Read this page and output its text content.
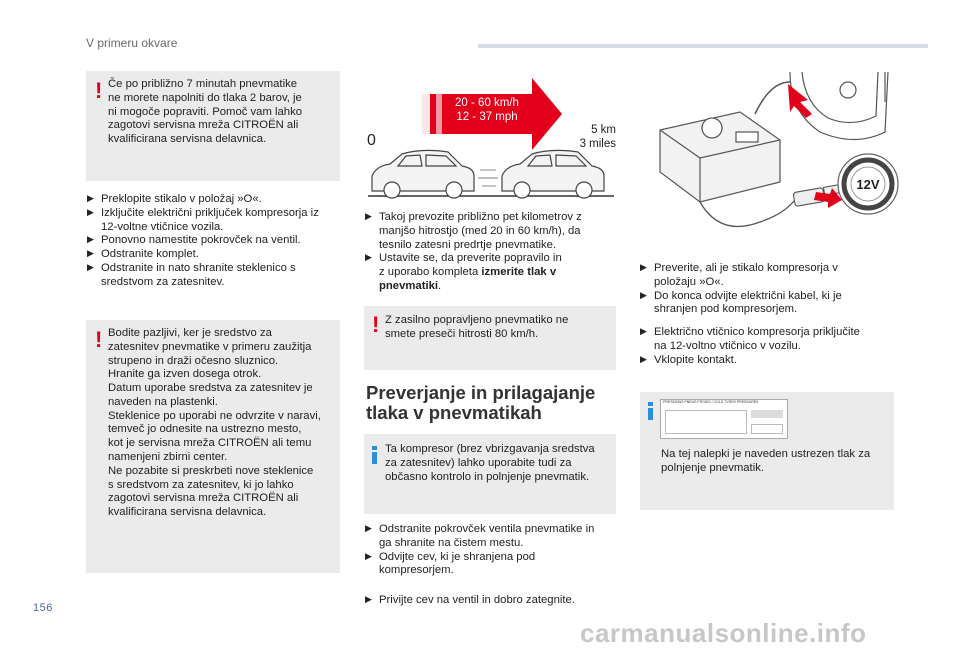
V primeru okvare
156
carmanualsonline.info
! Če po približno 7 minutah pnevmatike
ne morete napolniti do tlaka 2 barov, je
ni mogoče popraviti. Pomoč vam lahko
zagotovi servisna mreža CITROËN ali
kvalificirana servisna delavnica.
▶ Preklopite stikalo v položaj »O«.
▶ Izključite električni priključek kompresorja iz
12-voltne vtičnice vozila.
▶ Ponovno namestite pokrovček na ventil.
▶ Odstranite komplet.
▶ Odstranite in nato shranite steklenico s
sredstvom za zatesnitev.
! Bodite pazljivi, ker je sredstvo za
zatesnitev pnevmatike v primeru zaužitja
strupeno in draži očesno sluznico.
Hranite ga izven dosega otrok.
Datum uporabe sredstva za zatesnitev je
naveden na plastenki.
Steklenice po uporabi ne odvrzite v naravi,
temveč jo odnesite na ustrezno mesto,
kot je servisna mreža CITROËN ali temu
namenjeni zbirni center.
Ne pozabite si preskrbeti nove steklenice
s sredstvom za zatesnitev, ki jo lahko
zagotovi servisna mreža CITROËN ali
kvalificirana servisna delavnica.
20 - 60 km/h
12 - 37 mph
5 km
3 miles
0
▶ Takoj prevozite približno pet kilometrov z
manjšo hitrostjo (med 20 in 60 km/h), da
tesnilo zatesni predrtje pnevmatike.
▶ Ustavite se, da preverite popravilo in
z uporabo kompleta izmerite tlak v
pnevmatiki.
! Z zasilno popravljeno pnevmatiko ne
smete preseči hitrosti 80 km/h.
Preverjanje in prilagajanje
tlaka v pnevmatikah
Ta kompresor (brez vbrizgavanja sredstva
za zatesnitev) lahko uporabite tudi za
občasno kontrolo in polnjenje pnevmatik.
▶ Odstranite pokrovček ventila pnevmatike in
ga shranite na čistem mestu.
▶ Odvijte cev, ki je shranjena pod
kompresorjem.
▶ Privijte cev na ventil in dobro zategnite.
12V
▶ Preverite, ali je stikalo kompresorja v
položaju »O«.
▶ Do konca odvijte električni kabel, ki je
shranjen pod kompresorjem.
▶ Električno vtičnico kompresorja priključite
na 12-voltno vtičnico v vozilu.
▶ Vklopite kontakt.
PRESSIONS PNEUS FROIDS / COLD TYRES PRESSURES
Na tej nalepki je naveden ustrezen tlak za
polnjenje pnevmatik.
